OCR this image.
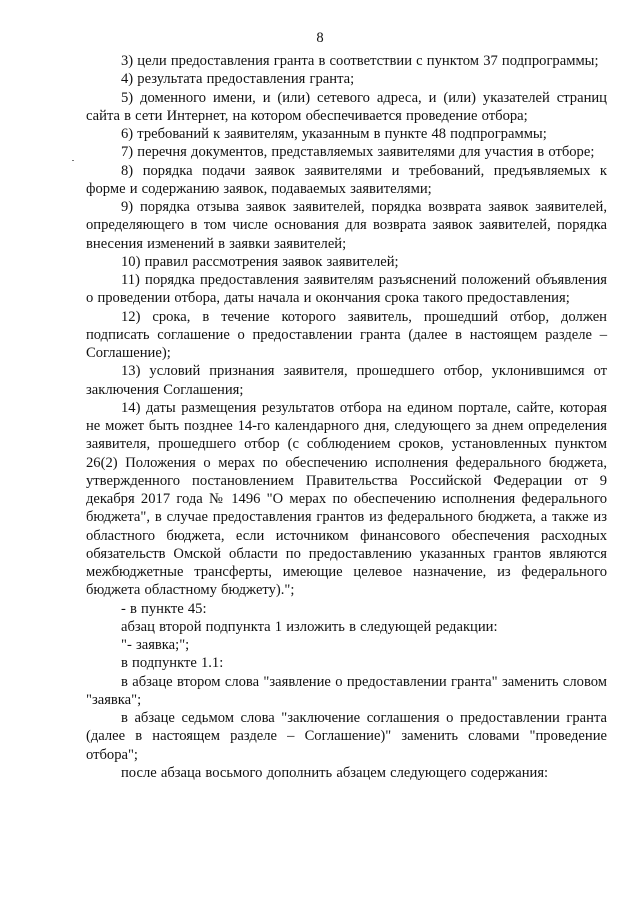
8

3) цели предоставления гранта в соответствии с пунктом 37 подпрограммы;

4) результата предоставления гранта;

5) доменного имени, и (или) сетевого адреса, и (или) указателей страниц сайта в сети Интернет, на котором обеспечивается проведение отбора;

6) требований к заявителям, указанным в пункте 48 подпрограммы;

7) перечня документов, представляемых заявителями для участия в отборе;

8) порядка подачи заявок заявителями и требований, предъявляемых к форме и содержанию заявок, подаваемых заявителями;

9) порядка отзыва заявок заявителей, порядка возврата заявок заявителей, определяющего в том числе основания для возврата заявок заявителей, порядка внесения изменений в заявки заявителей;

10) правил рассмотрения заявок заявителей;

11) порядка предоставления заявителям разъяснений положений объявления о проведении отбора, даты начала и окончания срока такого предоставления;

12) срока, в течение которого заявитель, прошедший отбор, должен подписать соглашение о предоставлении гранта (далее в настоящем разделе – Соглашение);

13) условий признания заявителя, прошедшего отбор, уклонившимся от заключения Соглашения;

14) даты размещения результатов отбора на едином портале, сайте, которая не может быть позднее 14-го календарного дня, следующего за днем определения заявителя, прошедшего отбор (с соблюдением сроков, установленных пунктом 26(2) Положения о мерах по обеспечению исполнения федерального бюджета, утвержденного постановлением Правительства Российской Федерации от 9 декабря 2017 года № 1496 "О мерах по обеспечению исполнения федерального бюджета", в случае предоставления грантов из федерального бюджета, а также из областного бюджета, если источником финансового обеспечения расходных обязательств Омской области по предоставлению указанных грантов являются межбюджетные трансферты, имеющие целевое назначение, из федерального бюджета областному бюджету).";

- в пункте 45:

абзац второй подпункта 1 изложить в следующей редакции:

"- заявка;";

в подпункте 1.1:

в абзаце втором слова "заявление о предоставлении гранта" заменить словом "заявка";

в абзаце седьмом слова "заключение соглашения о предоставлении гранта (далее в настоящем разделе – Соглашение)" заменить словами "проведение отбора";

после абзаца восьмого дополнить абзацем следующего содержания:
